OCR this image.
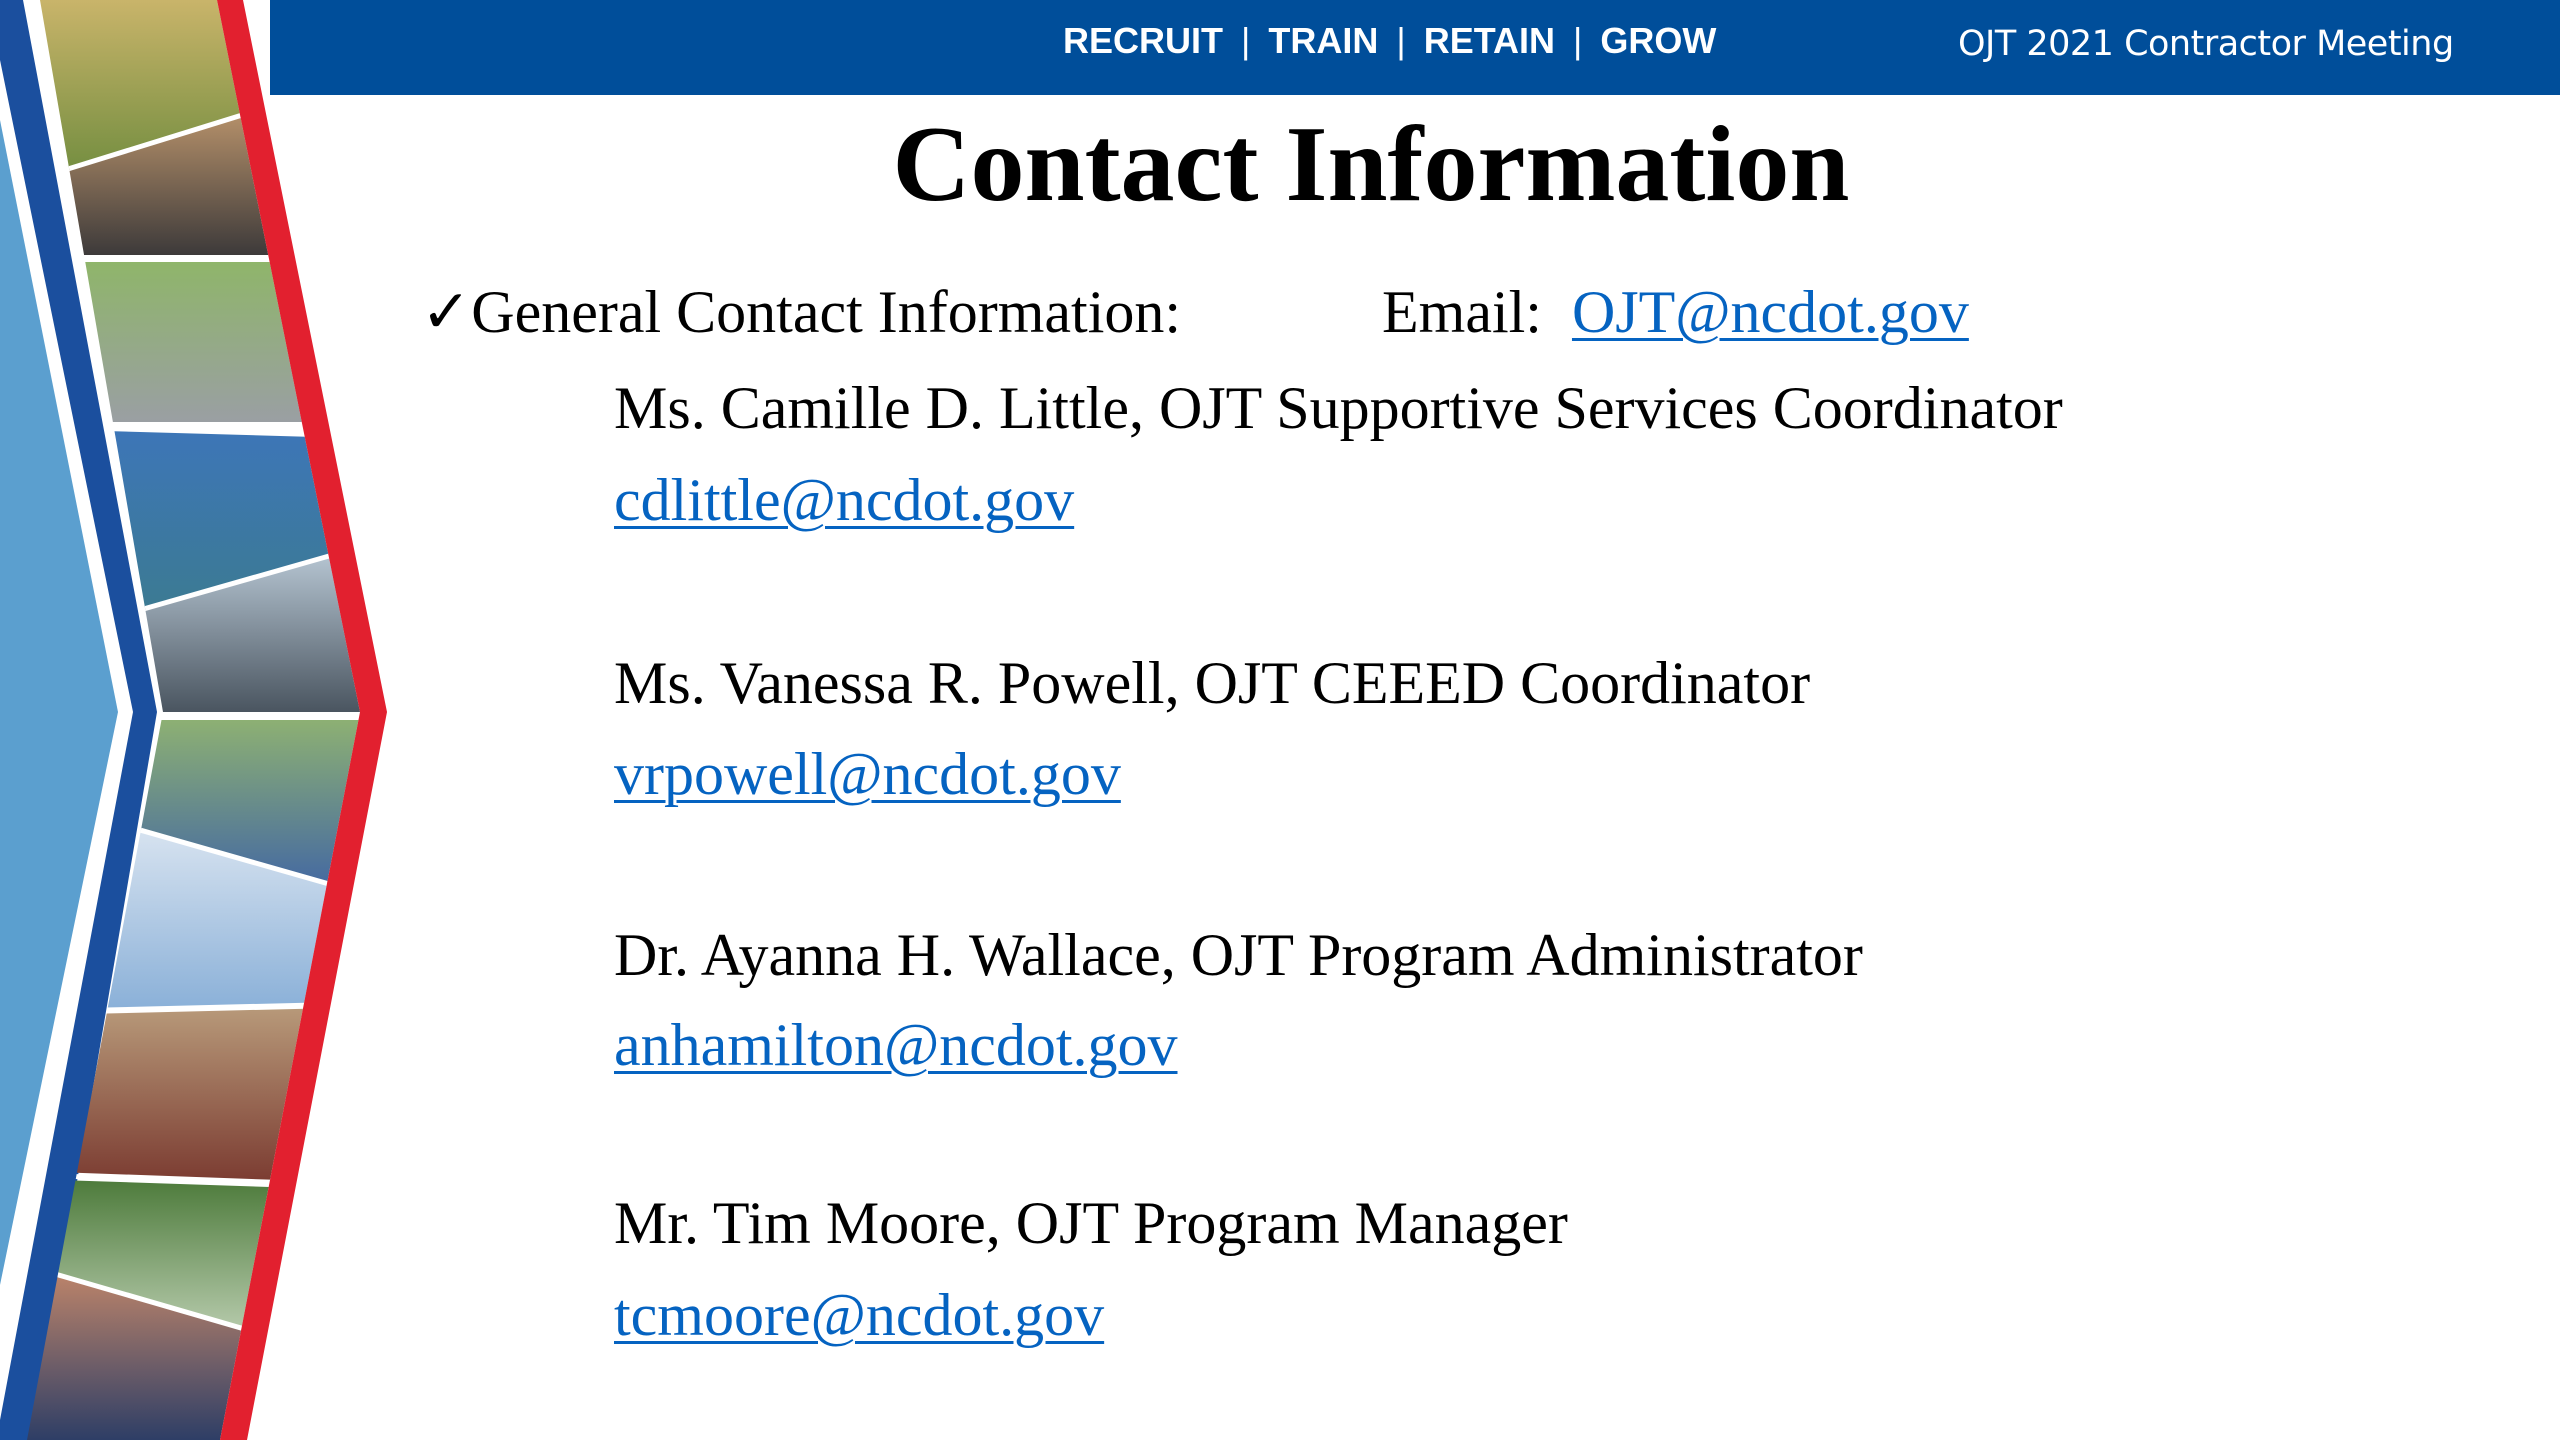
RECRUIT | TRAIN | RETAIN | GROW	OJT 2021 Contractor Meeting
Contact Information
✓General Contact Information:	Email: OJT@ncdot.gov
Ms. Camille D. Little, OJT Supportive Services Coordinator
cdlittle@ncdot.gov
Ms. Vanessa R. Powell, OJT CEEED Coordinator
vrpowell@ncdot.gov
Dr. Ayanna H. Wallace, OJT Program Administrator
anhamilton@ncdot.gov
Mr. Tim Moore, OJT Program Manager
tcmoore@ncdot.gov
